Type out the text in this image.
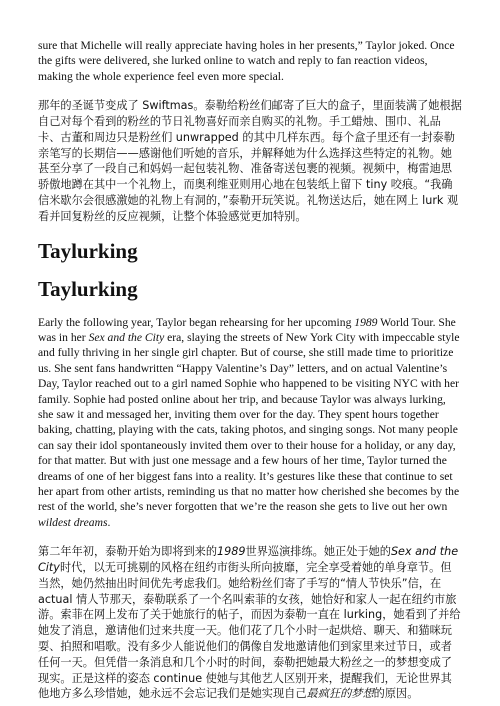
sure that Michelle will really appreciate having holes in her presents,” Taylor joked. Once the gifts were delivered, she lurked online to watch and reply to fan reaction videos, making the whole experience feel even more special.

那年的圣诞节变成了 Swiftmas。泰勒给粉丝们邮寄了巨大的盒子，里面装满了她根据自己对每个看到的粉丝的节日礼物喜好而亲自购买的礼物。手工蜡烛、围巾、礼品卡、古董和周边只是粉丝们 unwrapped 的其中几样东西。每个盒子里还有一封泰勒亲笔写的长期信——感谢他们听她的音乐，并解释她为什么选择这些特定的礼物。她甚至分享了一段自己和妈妈一起包装礼物、准备寄送包裹的视频。视频中，梅雷迪思骄傲地蹲在其中一个礼物上，而奥利维亚则用心地在包装纸上留下 tiny 咬痕。“我确信米歇尔会很感激她的礼物上有洞的，”泰勒开玩笑说。礼物送达后，她在网上 lurk 观看并回复粉丝的反应视频，让整个体验感觉更加特别。

Taylurking
Taylurking

Early the following year, Taylor began rehearsing for her upcoming 1989 World Tour. She was in her Sex and the City era, slaying the streets of New York City with impeccable style and fully thriving in her single girl chapter. But of course, she still made time to prioritize us. She sent fans handwritten “Happy Valentine’s Day” letters, and on actual Valentine’s Day, Taylor reached out to a girl named Sophie who happened to be visiting NYC with her family. Sophie had posted online about her trip, and because Taylor was always lurking, she saw it and messaged her, inviting them over for the day. They spent hours together baking, chatting, playing with the cats, taking photos, and singing songs. Not many people can say their idol spontaneously invited them over to their house for a holiday, or any day, for that matter. But with just one message and a few hours of her time, Taylor turned the dreams of one of her biggest fans into a reality. It’s gestures like these that continue to set her apart from other artists, reminding us that no matter how cherished she becomes by the rest of the world, she’s never forgotten that we’re the reason she gets to live out her own wildest dreams.

第二年年初，泰勒开始为即将到来的1989世界巡演排练。她正处于她的Sex and the City时代，以无可挑剔的风格在纽约市街头所向披靡，完全享受着她的单身章节。但当然，她仍然抽出时间优先考虑我们。她给粉丝们寄了手写的“情人节快乐”信，在 actual 情人节那天，泰勒联系了一个名叫索菲的女孩，她恰好和家人一起在纽约市旅游。索菲在网上发布了关于她旅行的帖子，而因为泰勒一直在 lurking，她看到了并给她发了消息，邀请他们过来共度一天。他们花了几个小时一起烘焙、聊天、和猫咪玩耍、拍照和唱歌。没有多少人能说他们的偶像自发地邀请他们到家里来过节日，或者任何一天。但凭借一条消息和几个小时的时间，泰勒把她最大粉丝之一的梦想变成了现实。正是这样的姿态 continue 使她与其他艺人区别开来，提醒我们，无论世界其他地方多么珍惜她，她永远不会忘记我们是她实现自己最疯狂的梦想的原因。
